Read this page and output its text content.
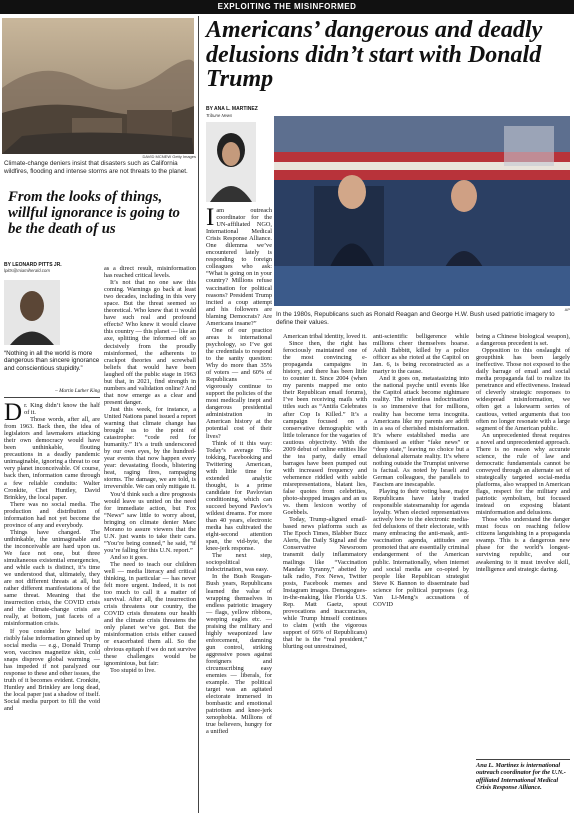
EXPLOITING THE MISINFORMED
DAVID MCNEW Getty Images
Climate-change deniers insist that disasters such as California wildfires, flooding and intense storms are not threats to the planet.
From the looks of things, willful ignorance is going to be the death of us
BY LEONARD PITTS JR.
lpitts@miamiherald.com
“Nothing in all the world is more dangerous than sincere ignorance and conscientious stupidity.”
– Martin Luther King

Dr. King didn’t know the half of it.

Those words, after all, are from 1963. Back then, the idea of legislators and lawmakers attacking their own democracy would have been unthinkable, flouting precautions in a deadly pandemic unimaginable, ignoring a threat to our very planet inconceivable. Of course, back then, information came through a few reliable conduits: Walter Cronkite, Chet Huntley, David Brinkley, the local paper.

There was no social media. The production and distribution of information had not yet become the province of any and everybody.

Things have changed. The unthinkable, the unimaginable and the inconceivable are hard upon us. We face not one, but three simultaneous existential emergencies, and while each is distinct, it’s time we understood that, ultimately, they are not different threats at all, but rather different manifestations of the same threat. Meaning that the insurrection crisis, the COVID crisis and the climate-change crisis are really, at bottom, just facets of a misinformation crisis.

If you consider how belief in risibly false information ginned up by social media — e.g., Donald Trump won, vaccines magnetize skin, cold snaps disprove global warming — has impeded if not paralyzed our response to these and other issues, the truth of it becomes evident. Cronkite, Huntley and Brinkley are long dead, the local paper just a shadow of itself. Social media purport to fill the void and

as a direct result, misinformation has reached critical levels.

It’s not that no one saw this coming. Warnings go back at least two decades, including in this very space. But the threat seemed so theoretical. Who knew that it would have such real and profound effects? Who knew it would cleave this country — this planet — like an axe, splitting the informed off so decisively from the proudly misinformed, the adherents to crackpot theories and screwball beliefs that would have been laughed off the public stage in 1963 but that, in 2021, find strength in numbers and validation online? And that now emerge as a clear and present danger.

Just this week, for instance, a United Nations panel issued a report warning that climate change has brought us to the point of catastrophe: “code red for humanity.” It’s a truth underscored by our own eyes, by the hundred-year events that now happen every year: devastating floods, blistering heat, raging fires, rampaging storms. The damage, we are told, is irreversible. We can only mitigate it.

You’d think such a dire prognosis would leave us united on the need for immediate action, but Fox “News” saw little to worry about, bringing on climate denier Marc Morano to assure viewers that the U.N. just wants to take their cars. “You’re being conned,” he said, “if you’re falling for this U.N. report.”

And so it goes.

The need to teach our children well — media literacy and critical thinking, in particular — has never felt more urgent. Indeed, it is not too much to call it a matter of survival. After all, the insurrection crisis threatens our country, the COVID crisis threatens our health and the climate crisis threatens the only planet we’ve got. But the misinformation crisis either caused or exacerbated them all. So the obvious epitaph if we do not survive these challenges would be ignominious, but fair:

Too stupid to live.

Americans’ dangerous and deadly delusions didn’t start with Donald Trump
BY ANA L. MARTINEZ
Tribune News
AP
In the 1980s, Republicans such as Ronald Reagan and George H.W. Bush used patriotic imagery to define their values.

Iam outreach coordinator for the UN-affiliated NGO, International Medical Crisis Response Alliance. One dilemma we’ve encountered lately is responding to foreign colleagues who ask: “What is going on in your country? Millions refuse vaccination for political reasons? President Trump incited a coup attempt and his followers are blaming Democrats? Are Americans insane?”

One of our practice areas is international psychology, so I’ve got the credentials to respond to the sanity question: Why do more than 35% of voters — and 60% of Republicans — vigorously continue to support the policies of the most medically inept and dangerous presidential administration in American history at the potential cost of their lives?

Think of it this way: Today’s average Tik-tokking, Facebooking and Twittering American, with little time for extended analytic thought, is a prime candidate for Pavlovian conditioning, which can succeed beyond Pavlov’s wildest dreams. For more than 40 years, electronic media has cultivated the eight-second attention span, the vid-byte, the knee-jerk response.

The next step, sociopolitical indoctrination, was easy.

In the Bush Reagan-Bush years, Republicans learned the value of wrapping themselves in endless patriotic imagery — flags, yellow ribbons, weeping eagles etc. — praising the military and highly weaponized law enforcement, damning gun control, striking aggressive poses against foreigners and circumscribing easy enemies — liberals, for example. The political target was an agitated electorate immersed in bombastic and emotional patriotism and knee-jerk xenophobia. Millions of true believers, hungry for a unified

American tribal identity, loved it.

Since then, the right has ferociously maintained one of the most convincing e-propaganda campaigns in history, and there has been little to counter it. Since 2004 (when my parents mapped me onto their Republican email forums), I’ve been receiving mails with titles such as “Antifa Celebrates after Cop Is Killed.” It’s a campaign focused on a conservative demographic with little tolerance for the vagaries of cautious objectivity. With the 2009 debut of online entities like the tea party, daily email barrages have been pumped out with increased frequency and vehemence riddled with subtle misrepresentations, blatant lies, false quotes from celebrities, photo-shopped images and an us vs. them lexicon worthy of Goebbels.

Today, Trump-aligned email-based news platforms such as The Epoch Times, Blabber Buzz Alerts, the Daily Signal and the Conservative Newsroom transmit daily inflammatory mailings like “Vaccination Mandate Tyranny,” abetted by talk radio, Fox News, Twitter posts, Facebook memes and Instagram images. Demagogues-in-the-making, like Florida U.S. Rep. Matt Gaetz, spout provocations and inaccuracies, while Trump himself continues to claim (with the vigorous support of 66% of Republicans) that he is the “real president,” blurting out unrestrained,

anti-scientific belligerence while millions cheer themselves hoarse. Ashli Babbitt, killed by a police officer as she rioted at the Capitol on Jan. 6, is being reconstructed as a martyr to the cause.

And it goes on, metastasizing into the national psyche until events like the Capitol attack become nightmare reality. The relentless indoctrination is so immersive that for millions, reality has become terra incognita. Americans like my parents are adrift in a sea of cherished misinformation. It’s where established media are dismissed as either “fake news” or “deep state,” leaving no choice but a delusional alternate reality. It’s where nothing outside the Trumpist universe is factual. As noted by Israeli and German colleagues, the parallels to Fascism are inescapable.

Playing to their voting base, major Republicans have lately traded responsible statesmanship for agenda loyalty. When elected representatives actively bow to the electronic media-fed delusions of their electorate, with many embracing the anti-mask, anti-vaccination agenda, attitudes are promoted that are essentially criminal endangerment of the American public. Internationally, when internet and social media are co-opted by people like Republican strategist Steve K Bannon to disseminate bad science for political purposes (e.g. Yan Li-Meng’s accusations of COVID

being a Chinese biological weapon), a dangerous precedent is set.

Opposition to this onslaught of groupthink has been largely ineffective. Those not exposed to the daily barrage of email and social media propaganda fail to realize its penetrance and effectiveness. Instead of cleverly strategic responses to widespread misinformation, we often get a lukewarm series of cautious, vetted arguments that too often no longer resonate with a large segment of the American public.

An unprecedented threat requires a novel and unprecedented approach. There is no reason why accurate science, the rule of law and democratic fundamentals cannot be conveyed through an alternate set of strategically targeted social-media platforms, also wrapped in American flags, respect for the military and patriotic symbolism, but focused instead on exposing blatant misinformation and delusions.

Those who understand the danger must focus on reaching fellow citizens languishing in a propaganda swamp. This is a dangerous new phase for the world’s longest-surviving republic, and our awakening to it must involve skill, intelligence and strategic daring.

Ana L. Martinez is international outreach coordinator for the U.N.-affiliated International Medical Crisis Response Alliance.
